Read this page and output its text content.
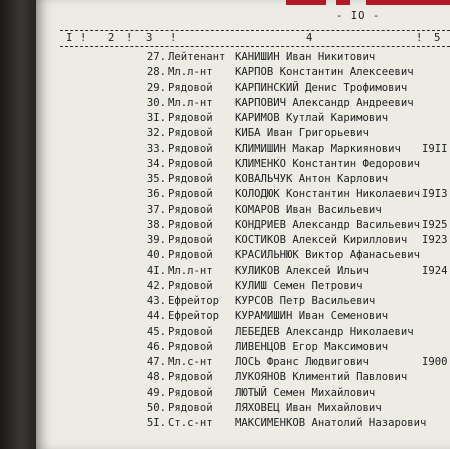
- IO -
I ! 2 ! 3 !	4	! 5
27. Лейтенант КАНИШИН Иван Никитович
28. Мл.л-нт КАРПОВ Константин Алексеевич
29. Рядовой КАРПИНСКИЙ Денис Трофимович
30. Мл.л-нт КАРПОВИЧ Александр Андреевич
3I. Рядовой КАРИМОВ Кутлай Каримович
32. Рядовой КИБА Иван Григорьевич
33. Рядовой КЛИМИШИН Макар Маркиянович I9II
34. Рядовой КЛИМЕНКО Константин Федорович
35. Рядовой КОВАЛЬЧУК Антон Карлович
36. Рядовой КОЛОДЮК Константин Николаевич I9I3
37. Рядовой КОМАРОВ Иван Васильевич
38. Рядовой КОНДРИЕВ Александр Васильевич I925
39. Рядовой КОСТИКОВ Алексей Кириллович I923
40. Рядовой КРАСИЛЬНЮК Виктор Афанасьевич
4I. Мл.л-нт КУЛИКОВ Алексей Ильич	I924
42. Рядовой КУЛИШ Семен Петрович
43. Ефрейтор КУРСОВ Петр Васильевич
44. Ефрейтор КУРАМИШИН Иван Семенович
45. Рядовой ЛЕБЕДЕВ Александр Николаевич
46. Рядовой ЛИВЕНЦОВ Егор Максимович
47. Мл.с-нт ЛОСЬ Франс Людвигович	I900
48. Рядовой ЛУКОЯНОВ Климентий Павлович
49. Рядовой ЛЮТЫЙ Семен Михайлович
50. Рядовой ЛЯХОВЕЦ Иван Михайлович
5I. Ст.с-нт МАКСИМЕНКОВ Анатолий Назарович
